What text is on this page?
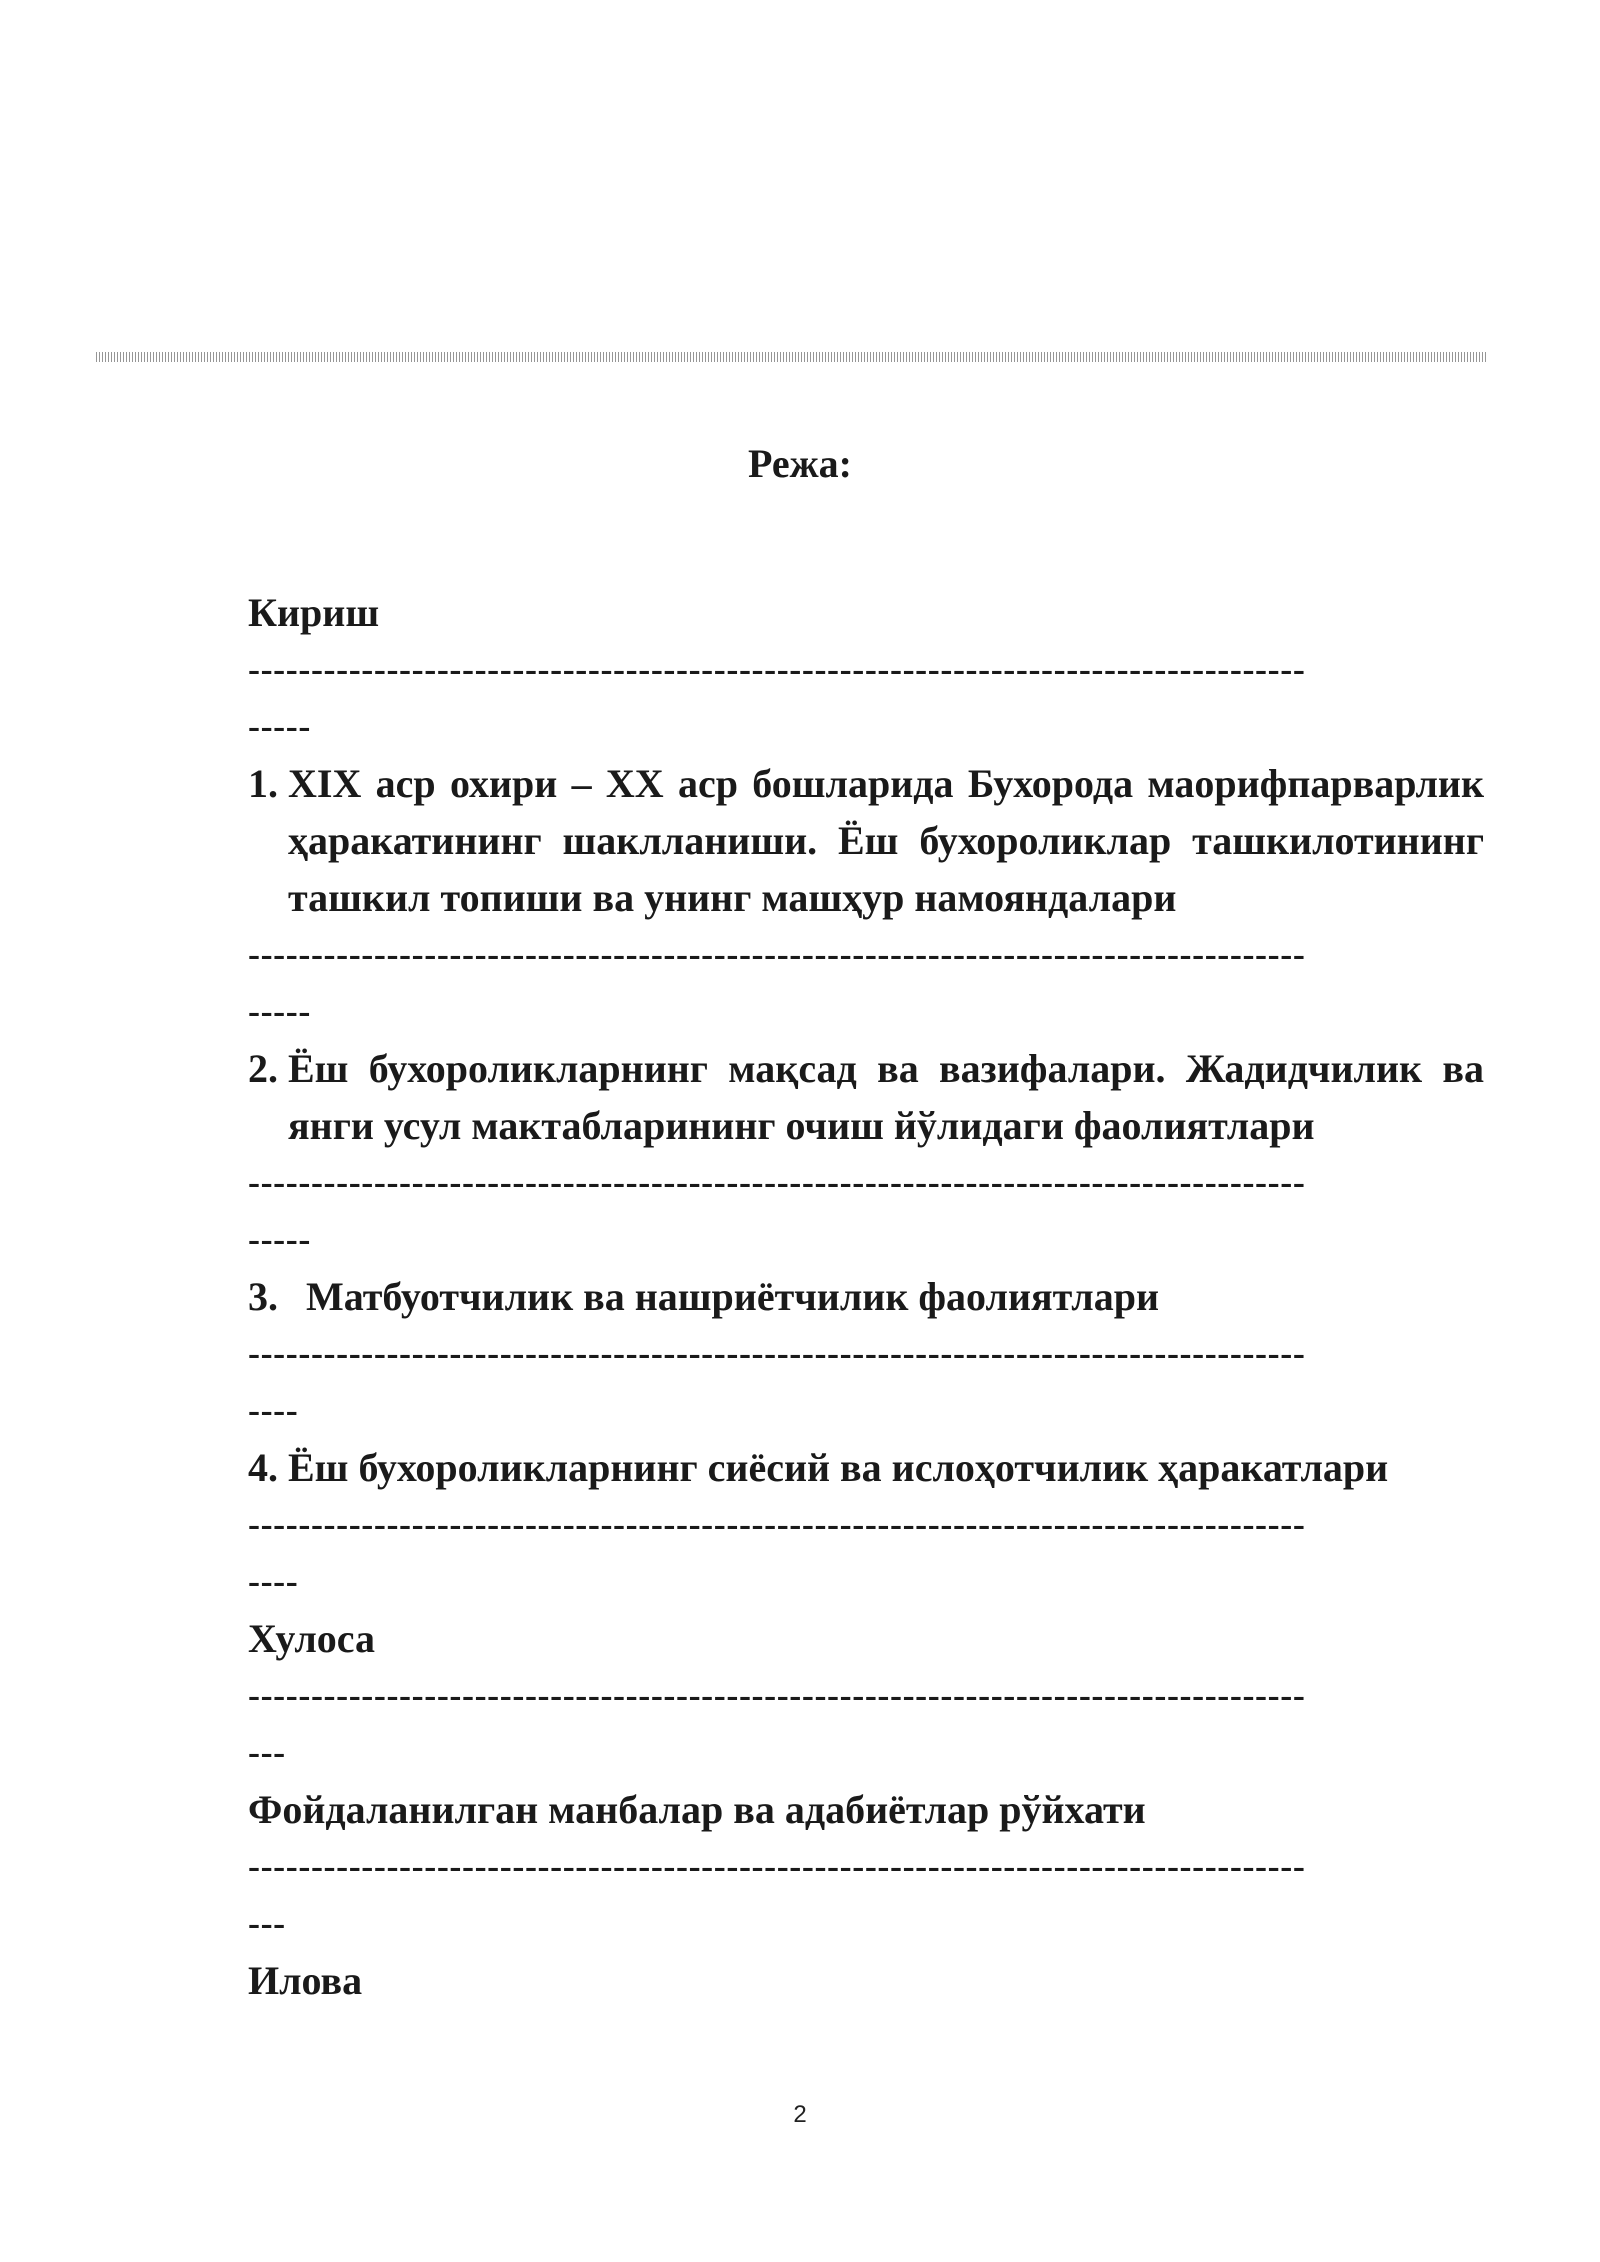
Режа:

Кириш

------------------------------------------------------------------------------------

-----

1. XIX аср охири – XX аср бошларида Бухорода маорифпарварлик ҳаракатининг шаклланиши. Ёш бухороликлар ташкилотининг ташкил топиши ва унинг машҳур намояндалари

------------------------------------------------------------------------------------

-----

2. Ёш бухороликларнинг мақсад ва вазифалари. Жадидчилик ва янги усул мактабларининг очиш йўлидаги фаолиятлари

------------------------------------------------------------------------------------

-----

3. Матбуотчилик ва нашриётчилик фаолиятлари

------------------------------------------------------------------------------------

----

4. Ёш бухороликларнинг сиёсий ва ислоҳотчилик ҳаракатлари

------------------------------------------------------------------------------------

----

Хулоса

------------------------------------------------------------------------------------

---

Фойдаланилган манбалар ва адабиётлар рўйхати

------------------------------------------------------------------------------------

---

Илова

2
